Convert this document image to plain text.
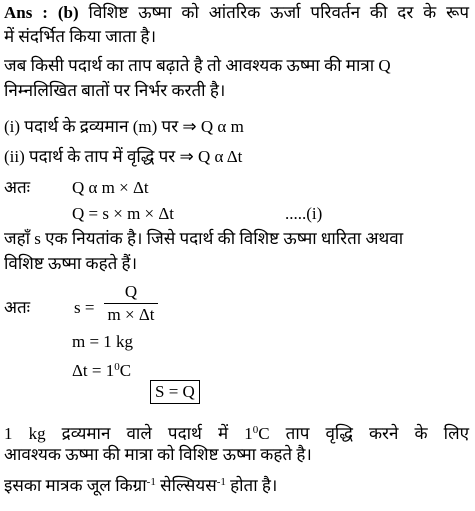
Ans : (b) विशिष्ट ऊष्मा को आंतरिक ऊर्जा परिवर्तन की दर के रूप
में संदर्भित किया जाता है।
जब किसी पदार्थ का ताप बढ़ाते है तो आवश्यक ऊष्मा की मात्रा Q
निम्नलिखित बातों पर निर्भर करती है।
(i) पदार्थ के द्रव्यमान (m) पर ⇒ Q α m
(ii) पदार्थ के ताप में वृद्धि पर ⇒ Q α Δt
अतः Q α m × Δt
Q = s × m × Δt	.....(i)
जहाँ s एक नियतांक है। जिसे पदार्थ की विशिष्ट ऊष्मा धारिता अथवा
विशिष्ट ऊष्मा कहते हैं।
अतः	s =
Q
m × Δt
m = 1 kg
$\Delta t = 1^0C$
S = Q
1 kg द्रव्यमान वाले पदार्थ में $1^0C$ ताप वृद्धि करने के लिए
आवश्यक ऊष्मा की मात्रा को विशिष्ट ऊष्मा कहते है।
इसका मात्रक जूल किग्रा$^{-1}$ सेल्सियस$^{-1}$ होता है।
